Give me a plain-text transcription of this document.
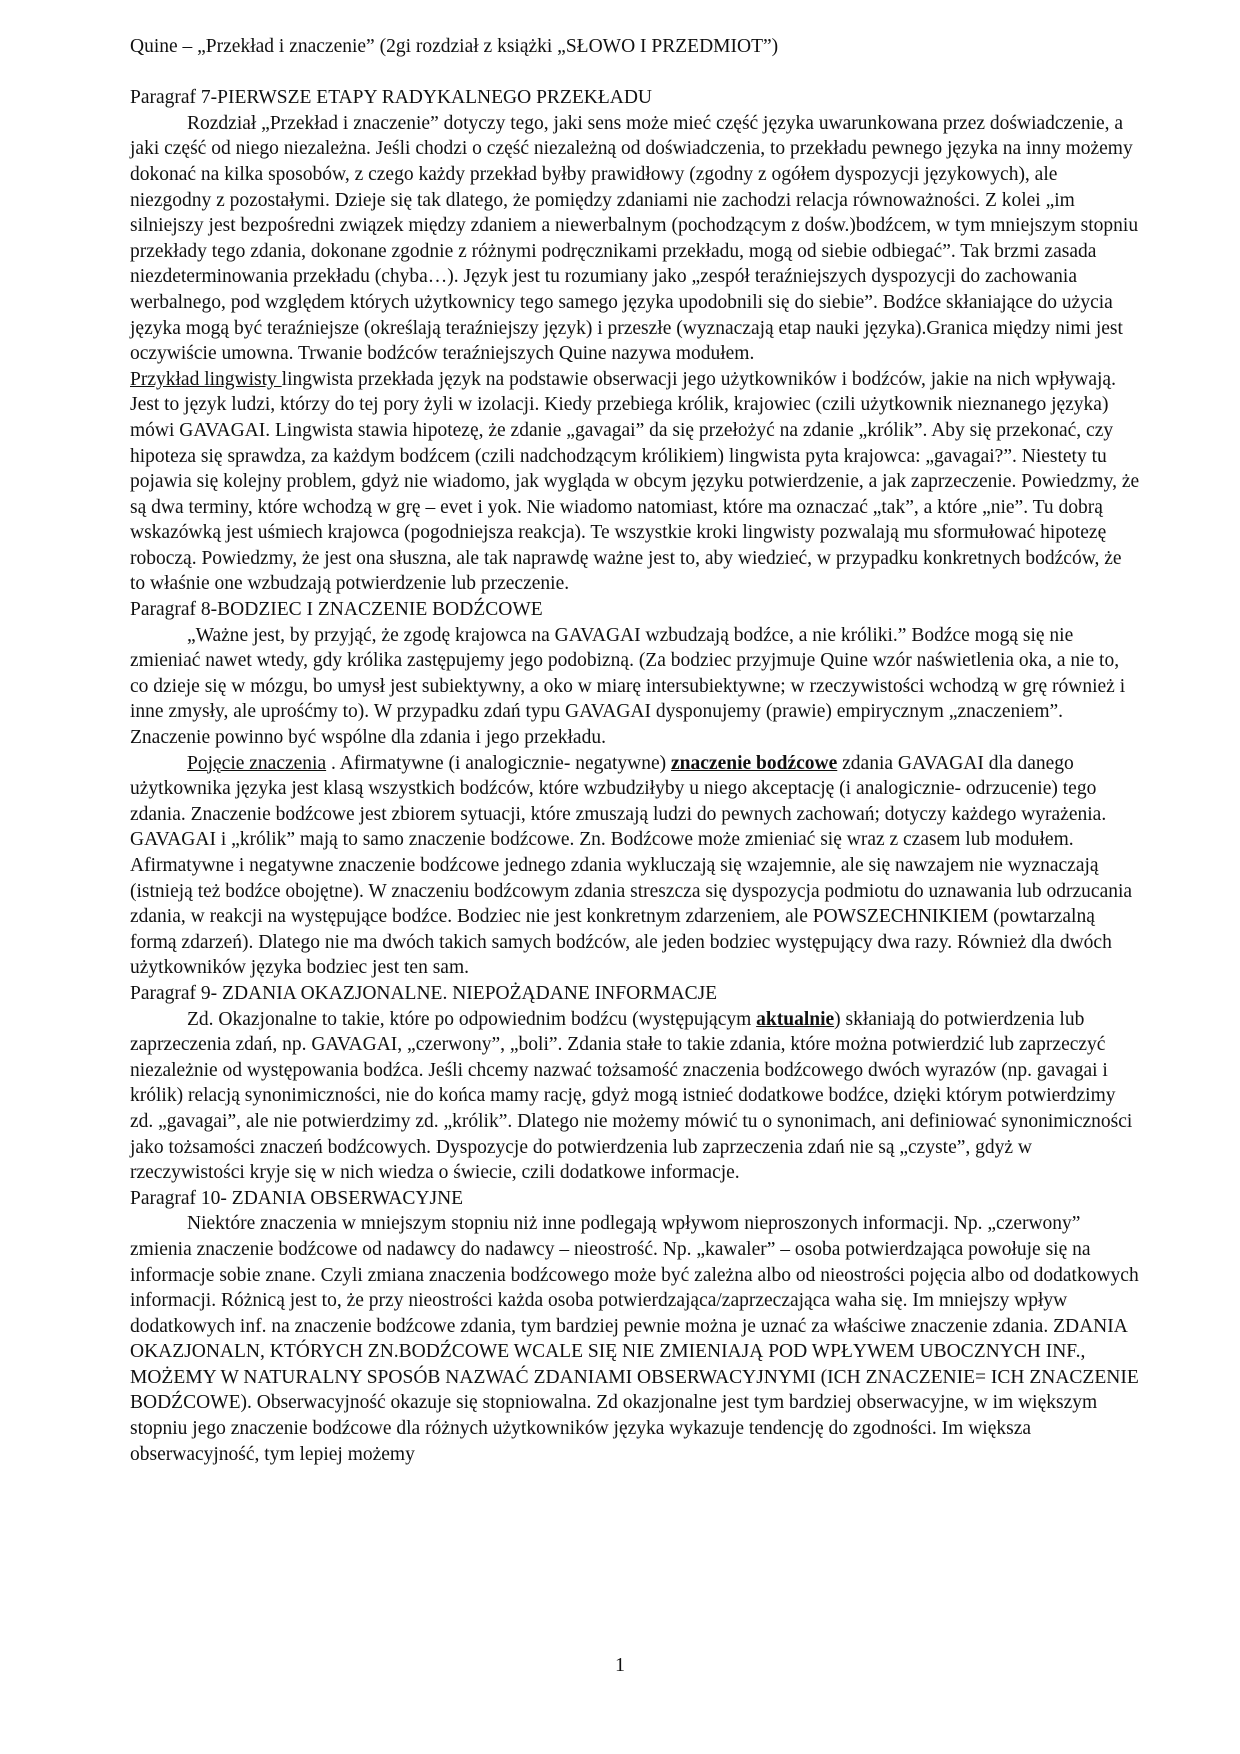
Quine – „Przekład i znaczenie” (2gi rozdział z książki „SŁOWO I PRZEDMIOT”)

Paragraf 7-PIERWSZE ETAPY RADYKALNEGO PRZEKŁADU

Rozdział „Przekład i znaczenie” dotyczy tego, jaki sens może mieć część języka uwarunkowana przez doświadczenie, a jaki część od niego niezależna. Jeśli chodzi o część niezależną od doświadczenia, to przekładu pewnego języka na inny możemy dokonać na kilka sposobów, z czego każdy przekład byłby prawidłowy (zgodny z ogółem dyspozycji językowych), ale niezgodny z pozostałymi. Dzieje się tak dlatego, że pomiędzy zdaniami nie zachodzi relacja równoważności. Z kolei „im silniejszy jest bezpośredni związek między zdaniem a niewerbalnym (pochodzącym z dośw.)bodźcem, w tym mniejszym stopniu przekłady tego zdania, dokonane zgodnie z różnymi podręcznikami przekładu, mogą od siebie odbiegać”. Tak brzmi zasada niezdeterminowania przekładu (chyba…). Język jest tu rozumiany jako „zespół teraźniejszych dyspozycji do zachowania werbalnego, pod względem których użytkownicy tego samego języka upodobnili się do siebie”. Bodźce skłaniające do użycia języka mogą być teraźniejsze (określają teraźniejszy język) i przeszłe (wyznaczają etap nauki języka).Granica między nimi jest oczywiście umowna. Trwanie bodźców teraźniejszych Quine nazywa modułem.

Przykład lingwisty lingwista przekłada język na podstawie obserwacji jego użytkowników i bodźców, jakie na nich wpływają. Jest to język ludzi, którzy do tej pory żyli w izolacji. Kiedy przebiega królik, krajowiec (czili użytkownik nieznanego języka) mówi GAVAGAI. Lingwista stawia hipotezę, że zdanie „gavagai” da się przełożyć na zdanie „królik”. Aby się przekonać, czy hipoteza się sprawdza, za każdym bodźcem (czili nadchodzącym królikiem) lingwista pyta krajowca: „gavagai?”. Niestety tu pojawia się kolejny problem, gdyż nie wiadomo, jak wygląda w obcym języku potwierdzenie, a jak zaprzeczenie. Powiedzmy, że są dwa terminy, które wchodzą w grę – evet i yok. Nie wiadomo natomiast, które ma oznaczać „tak”, a które „nie”. Tu dobrą wskazówką jest uśmiech krajowca (pogodniejsza reakcja). Te wszystkie kroki lingwisty pozwalają mu sformułować hipotezę roboczą. Powiedzmy, że jest ona słuszna, ale tak naprawdę ważne jest to, aby wiedzieć, w przypadku konkretnych bodźców, że to właśnie one wzbudzają potwierdzenie lub przeczenie.

Paragraf 8-BODZIEC I ZNACZENIE BODŹCOWE

„Ważne jest, by przyjąć, że zgodę krajowca na GAVAGAI wzbudzają bodźce, a nie króliki.” Bodźce mogą się nie zmieniać nawet wtedy, gdy królika zastępujemy jego podobizną. (Za bodziec przyjmuje Quine wzór naświetlenia oka, a nie to, co dzieje się w mózgu, bo umysł jest subiektywny, a oko w miarę intersubiektywne; w rzeczywistości wchodzą w grę również i inne zmysły, ale uprośćmy to). W przypadku zdań typu GAVAGAI dysponujemy (prawie) empirycznym „znaczeniem”. Znaczenie powinno być wspólne dla zdania i jego przekładu.

Pojęcie znaczenia . Afirmatywne (i analogicznie- negatywne) znaczenie bodźcowe zdania GAVAGAI dla danego użytkownika języka jest klasą wszystkich bodźców, które wzbudziłyby u niego akceptację (i analogicznie- odrzucenie) tego zdania. Znaczenie bodźcowe jest zbiorem sytuacji, które zmuszają ludzi do pewnych zachowań; dotyczy każdego wyrażenia. GAVAGAI i „królik” mają to samo znaczenie bodźcowe. Zn. Bodźcowe może zmieniać się wraz z czasem lub modułem. Afirmatywne i negatywne znaczenie bodźcowe jednego zdania wykluczają się wzajemnie, ale się nawzajem nie wyznaczają (istnieją też bodźce obojętne). W znaczeniu bodźcowym zdania streszcza się dyspozycja podmiotu do uznawania lub odrzucania zdania, w reakcji na występujące bodźce. Bodziec nie jest konkretnym zdarzeniem, ale POWSZECHNIKIEM (powtarzalną formą zdarzeń). Dlatego nie ma dwóch takich samych bodźców, ale jeden bodziec występujący dwa razy. Również dla dwóch użytkowników języka bodziec jest ten sam.

Paragraf 9- ZDANIA OKAZJONALNE. NIEPOŻĄDANE INFORMACJE

Zd. Okazjonalne to takie, które po odpowiednim bodźcu (występującym aktualnie) skłaniają do potwierdzenia lub zaprzeczenia zdań, np. GAVAGAI, „czerwony”, „boli”. Zdania stałe to takie zdania, które można potwierdzić lub zaprzeczyć niezależnie od występowania bodźca. Jeśli chcemy nazwać tożsamość znaczenia bodźcowego dwóch wyrazów (np. gavagai i królik) relacją synonimiczności, nie do końca mamy rację, gdyż mogą istnieć dodatkowe bodźce, dzięki którym potwierdzimy zd. „gavagai”, ale nie potwierdzimy zd. „królik”. Dlatego nie możemy mówić tu o synonimach, ani definiować synonimiczności jako tożsamości znaczeń bodźcowych. Dyspozycje do potwierdzenia lub zaprzeczenia zdań nie są „czyste”, gdyż w rzeczywistości kryje się w nich wiedza o świecie, czili dodatkowe informacje.

Paragraf 10- ZDANIA OBSERWACYJNE

Niektóre znaczenia w mniejszym stopniu niż inne podlegają wpływom nieproszonych informacji. Np. „czerwony” zmienia znaczenie bodźcowe od nadawcy do nadawcy – nieostrość. Np. „kawaler” – osoba potwierdzająca powołuje się na informacje sobie znane. Czyli zmiana znaczenia bodźcowego może być zależna albo od nieostrości pojęcia albo od dodatkowych informacji. Różnicą jest to, że przy nieostrości każda osoba potwierdzająca/zaprzeczająca waha się. Im mniejszy wpływ dodatkowych inf. na znaczenie bodźcowe zdania, tym bardziej pewnie można je uznać za właściwe znaczenie zdania. ZDANIA OKAZJONALN, KTÓRYCH ZN.BODŹCOWE WCALE SIĘ NIE ZMIENIAJĄ POD WPŁYWEM UBOCZNYCH INF., MOŻEMY W NATURALNY SPOSÓB NAZWAĆ ZDANIAMI OBSERWACYJNYMI (ICH ZNACZENIE= ICH ZNACZENIE BODŹCOWE). Obserwacyjność okazuje się stopniowalna. Zd okazjonalne jest tym bardziej obserwacyjne, w im większym stopniu jego znaczenie bodźcowe dla różnych użytkowników języka wykazuje tendencję do zgodności. Im większa obserwacyjność, tym lepiej możemy

1
